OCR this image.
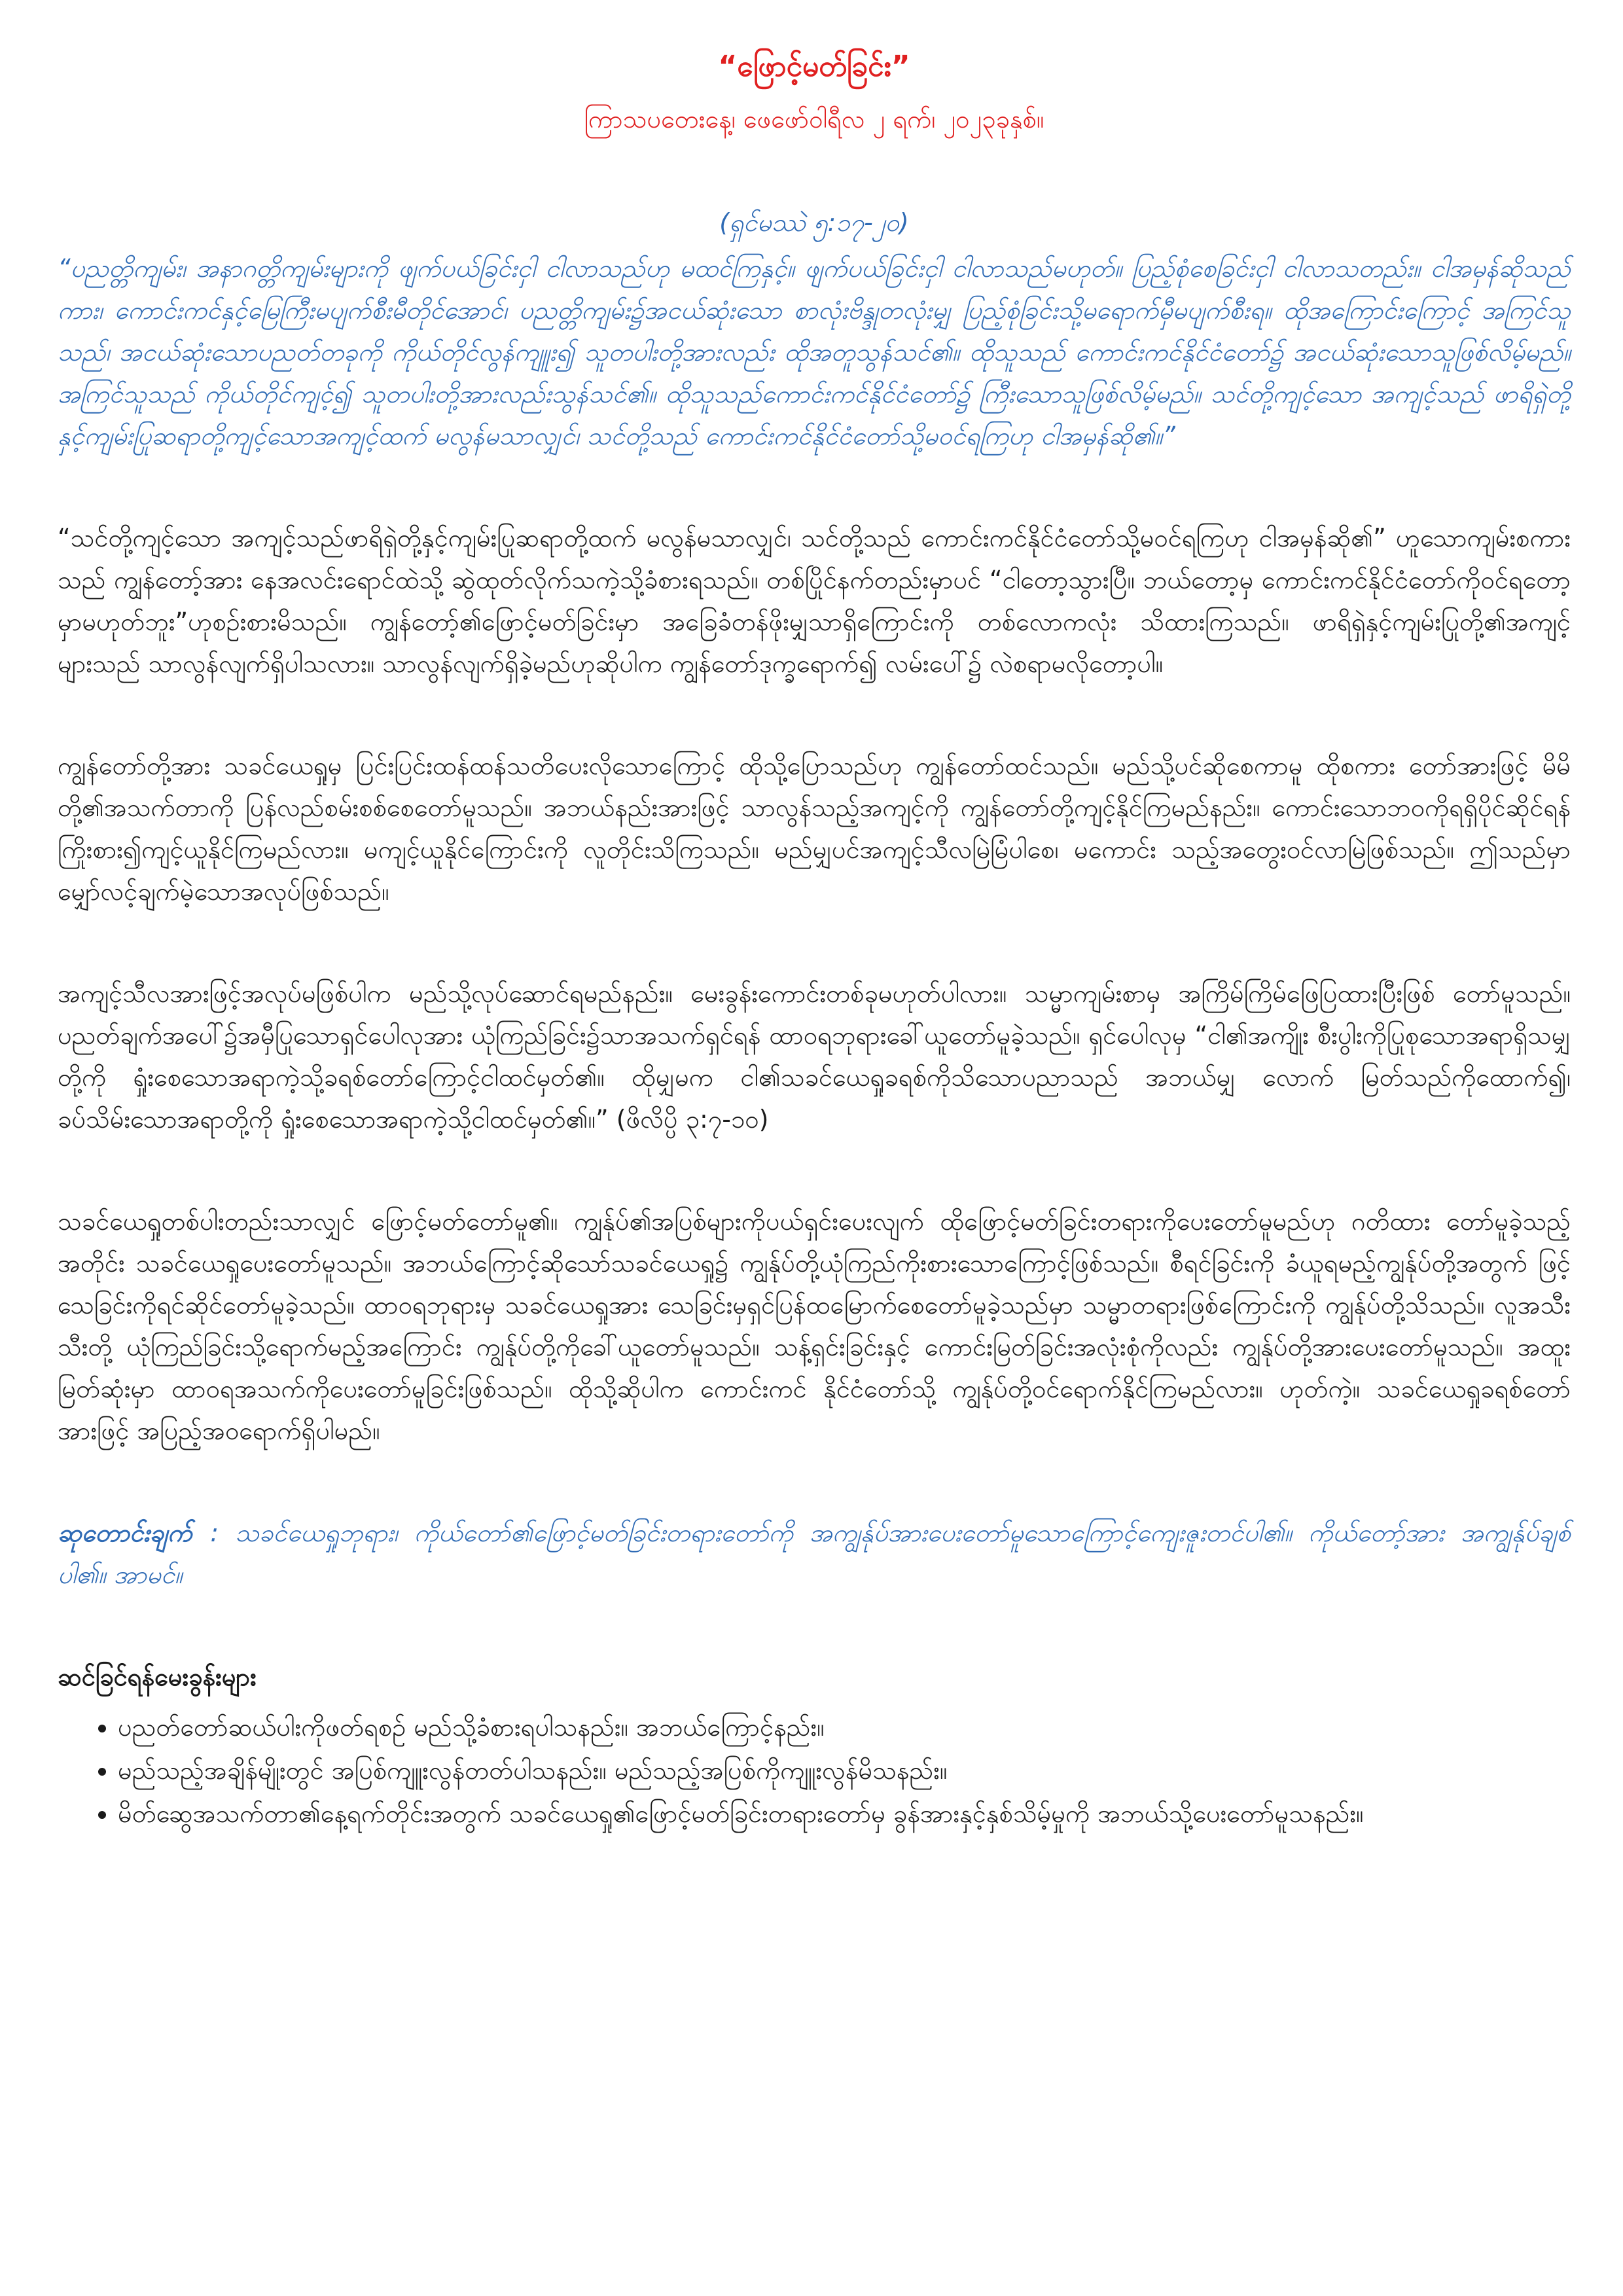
“ဖြောင့်မတ်ခြင်း”

ကြာသပတေးနေ့၊ ဖေဖော်ဝါရီလ ၂ ရက်၊ ၂၀၂၃ခုနှစ်။

(ရှင်မဿဲ ၅:၁၇-၂၀)

“ပညတ္တိကျမ်း၊ အနာဂတ္တိကျမ်းများကို ဖျက်ပယ်ခြင်းငှါ ငါလာသည်ဟု မထင်ကြနှင့်။ ဖျက်ပယ်ခြင်းငှါ ငါလာသည်မဟုတ်။ ပြည့်စုံစေခြင်းငှါ ငါလာသတည်း။ ငါအမှန်ဆိုသည်ကား၊ ကောင်းကင်နှင့်မြေကြီးမပျက်စီးမီတိုင်အောင်၊ ပညတ္တိကျမ်း၌အငယ်ဆုံးသော စာလုံးဗိန္ဒုတလုံးမျှ ပြည့်စုံခြင်းသို့မရောက်မှီမပျက်စီးရ။ ထိုအကြောင်းကြောင့် အကြင်သူသည်၊ အငယ်ဆုံးသောပညတ်တခုကို ကိုယ်တိုင်လွန်ကျူး၍ သူတပါးတို့အားလည်း ထိုအတူသွန်သင်၏။ ထိုသူသည် ကောင်းကင်နိုင်ငံတော်၌ အငယ်ဆုံးသောသူဖြစ်လိမ့်မည်။ အကြင်သူသည် ကိုယ်တိုင်ကျင့်၍ သူတပါးတို့အားလည်းသွန်သင်၏။ ထိုသူသည်ကောင်းကင်နိုင်ငံတော်၌ ကြီးသောသူဖြစ်လိမ့်မည်။ သင်တို့ကျင့်သော အကျင့်သည် ဖာရိရှဲတို့နှင့်ကျမ်းပြုဆရာတို့ကျင့်သောအကျင့်ထက် မလွန်မသာလျှင်၊ သင်တို့သည် ကောင်းကင်နိုင်ငံတော်သို့မဝင်ရကြဟု ငါအမှန်ဆို၏။”

“သင်တို့ကျင့်သော အကျင့်သည်ဖာရိရှဲတို့နှင့်ကျမ်းပြုဆရာတို့ထက် မလွန်မသာလျှင်၊ သင်တို့သည် ကောင်းကင်နိုင်ငံတော်သို့မဝင်ရကြဟု ငါအမှန်ဆို၏” ဟူသောကျမ်းစကားသည် ကျွန်တော့်အား နေအလင်းရောင်ထဲသို့ ဆွဲထုတ်လိုက်သကဲ့သို့ခံစားရသည်။ တစ်ပြိုင်နက်တည်းမှာပင် “ငါတော့သွားပြီ။ ဘယ်တော့မှ ကောင်းကင်နိုင်ငံတော်ကိုဝင်ရတော့မှာမဟုတ်ဘူး”ဟုစဉ်းစားမိသည်။ ကျွန်တော့်၏ဖြောင့်မတ်ခြင်းမှာ အခြေခံတန်ဖိုးမျှသာရှိကြောင်းကို တစ်လောကလုံး သိထားကြသည်။ ဖာရိရှဲနှင့်ကျမ်းပြုတို့၏အကျင့်များသည် သာလွန်လျက်ရှိပါသလား။ သာလွန်လျက်ရှိခဲ့မည်ဟုဆိုပါက ကျွန်တော်ဒုက္ခရောက်၍ လမ်းပေါ်၌ လဲစရာမလိုတော့ပါ။

ကျွန်တော်တို့အား သခင်ယေရှုမှ ပြင်းပြင်းထန်ထန်သတိပေးလိုသောကြောင့် ထိုသို့ပြောသည်ဟု ကျွန်တော်ထင်သည်။ မည်သို့ပင်ဆိုစေကာမူ ထိုစကား တော်အားဖြင့် မိမိတို့၏အသက်တာကို ပြန်လည်စမ်းစစ်စေတော်မူသည်။ အဘယ်နည်းအားဖြင့် သာလွန်သည့်အကျင့်ကို ကျွန်တော်တို့ကျင့်နိုင်ကြမည်နည်း။ ကောင်းသောဘဝကိုရရှိပိုင်ဆိုင်ရန် ကြိုးစား၍ကျင့်ယူနိုင်ကြမည်လား။ မကျင့်ယူနိုင်ကြောင်းကို လူတိုင်းသိကြသည်။ မည်မျှပင်အကျင့်သီလမြဲမြံပါစေ၊ မကောင်း သည့်အတွေးဝင်လာမြဲဖြစ်သည်။ ဤသည်မှာ မျှော်လင့်ချက်မဲ့သောအလုပ်ဖြစ်သည်။

အကျင့်သီလအားဖြင့်အလုပ်မဖြစ်ပါက မည်သို့လုပ်ဆောင်ရမည်နည်း။ မေးခွန်းကောင်းတစ်ခုမဟုတ်ပါလား။ သမ္မာကျမ်းစာမှ အကြိမ်ကြိမ်ဖြေပြထားပြီးဖြစ် တော်မူသည်။ ပညတ်ချက်အပေါ်၌အမှီပြုသောရှင်ပေါလုအား ယုံကြည်ခြင်း၌သာအသက်ရှင်ရန် ထာဝရဘုရားခေါ်ယူတော်မူခဲ့သည်။ ရှင်ပေါလုမှ “ငါ၏အကျိုး စီးပွါးကိုပြုစုသောအရာရှိသမျှတို့ကို ရှုံးစေသောအရာကဲ့သို့ခရစ်တော်ကြောင့်ငါထင်မှတ်၏။ ထိုမျှမက ငါ၏သခင်ယေရှုခရစ်ကိုသိသောပညာသည် အဘယ်မျှ လောက် မြတ်သည်ကိုထောက်၍၊ ခပ်သိမ်းသောအရာတို့ကို ရှုံးစေသောအရာကဲ့သို့ငါထင်မှတ်၏။” (ဖိလိပ္ပိ ၃:၇-၁၀)

သခင်ယေရှုတစ်ပါးတည်းသာလျှင် ဖြောင့်မတ်တော်မူ၏။ ကျွန်ုပ်၏အပြစ်များကိုပယ်ရှင်းပေးလျက် ထိုဖြောင့်မတ်ခြင်းတရားကိုပေးတော်မူမည်ဟု ဂတိထား တော်မူခဲ့သည့်အတိုင်း သခင်ယေရှုပေးတော်မူသည်။ အဘယ်ကြောင့်ဆိုသော်သခင်ယေရှု၌ ကျွန်ုပ်တို့ယုံကြည်ကိုးစားသောကြောင့်ဖြစ်သည်။ စီရင်ခြင်းကို ခံယူရမည့်ကျွန်ုပ်တို့အတွက် ဖြင့်သေခြင်းကိုရင်ဆိုင်တော်မူခဲ့သည်။ ထာဝရဘုရားမှ သခင်ယေရှုအား သေခြင်းမှရှင်ပြန်ထမြောက်စေတော်မူခဲ့သည်မှာ သမ္မာတရားဖြစ်ကြောင်းကို ကျွန်ုပ်တို့သိသည်။ လူအသီးသီးတို့ ယုံကြည်ခြင်းသို့ရောက်မည့်အကြောင်း ကျွန်ုပ်တို့ကိုခေါ်ယူတော်မူသည်။ သန့်ရှင်းခြင်းနှင့် ကောင်းမြတ်ခြင်းအလုံးစုံကိုလည်း ကျွန်ုပ်တို့အားပေးတော်မူသည်။ အထူးမြတ်ဆုံးမှာ ထာဝရအသက်ကိုပေးတော်မူခြင်းဖြစ်သည်။ ထိုသို့ဆိုပါက ကောင်းကင် နိုင်ငံတော်သို့ ကျွန်ုပ်တို့ဝင်ရောက်နိုင်ကြမည်လား။ ဟုတ်ကဲ့။ သခင်ယေရှုခရစ်တော်အားဖြင့် အပြည့်အဝရောက်ရှိပါမည်။

ဆုတောင်းချက် : သခင်ယေရှုဘုရား၊ ကိုယ်တော်၏ဖြောင့်မတ်ခြင်းတရားတော်ကို အကျွန်ုပ်အားပေးတော်မူသောကြောင့်ကျေးဇူးတင်ပါ၏။ ကိုယ်တော့်အား အကျွန်ုပ်ချစ်ပါ၏။ အာမင်။

ဆင်ခြင်ရန်မေးခွန်းများ

• ပညတ်တော်ဆယ်ပါးကိုဖတ်ရစဉ် မည်သို့ခံစားရပါသနည်း။ အဘယ်ကြောင့်နည်း။
• မည်သည့်အချိန်မျိုးတွင် အပြစ်ကျူးလွန်တတ်ပါသနည်း။ မည်သည့်အပြစ်ကိုကျူးလွန်မိသနည်း။
• မိတ်ဆွေအသက်တာ၏နေ့ရက်တိုင်းအတွက် သခင်ယေရှု၏ဖြောင့်မတ်ခြင်းတရားတော်မှ ခွန်အားနှင့်နှစ်သိမ့်မှုကို အဘယ်သို့ပေးတော်မူသနည်း။
